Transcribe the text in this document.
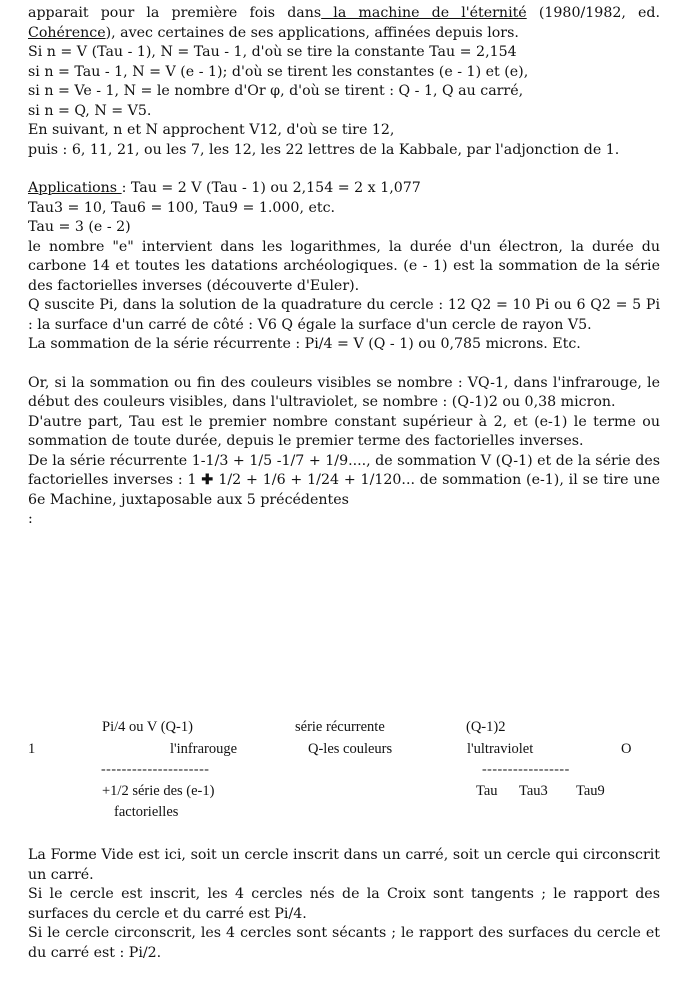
apparait pour la première fois dans la machine de l'éternité (1980/1982, ed. Cohérence), avec certaines de ses applications, affinées depuis lors.

Si n = V (Tau - 1), N = Tau - 1, d'où se tire la constante Tau = 2,154

si n = Tau - 1, N = V (e - 1); d'où se tirent les constantes (e - 1) et (e),

si n = Ve - 1, N = le nombre d'Or φ, d'où se tirent : Q - 1, Q au carré,

si n = Q, N = V5.

En suivant, n et N approchent V12, d'où se tire 12,

puis : 6, 11, 21, ou les 7, les 12, les 22 lettres de la Kabbale, par l'adjonction de 1.

Applications : Tau = 2 V (Tau - 1) ou 2,154 = 2 x 1,077

Tau3 = 10, Tau6 = 100, Tau9 = 1.000, etc.

Tau = 3 (e - 2)

le nombre "e" intervient dans les logarithmes, la durée d'un électron, la durée du carbone 14 et toutes les datations archéologiques. (e - 1) est la sommation de la série des factorielles inverses (découverte d'Euler).

Q suscite Pi, dans la solution de la quadrature du cercle : 12 Q2 = 10 Pi ou 6 Q2 = 5 Pi : la surface d'un carré de côté : V6 Q égale la surface d'un cercle de rayon V5.

La sommation de la série récurrente : Pi/4 = V (Q - 1) ou 0,785 microns. Etc.

Or, si la sommation ou fin des couleurs visibles se nombre : VQ-1, dans l'infrarouge, le début des couleurs visibles, dans l'ultraviolet, se nombre : (Q-1)2 ou 0,38 micron.

D'autre part, Tau est le premier nombre constant supérieur à 2, et (e-1) le terme ou sommation de toute durée, depuis le premier terme des factorielles inverses.

De la série récurrente 1-1/3 + 1/5 -1/7 + 1/9...., de sommation V (Q-1) et de la série des factorielles inverses : 1 ✚ 1/2 + 1/6 + 1/24 + 1/120... de sommation (e-1), il se tire une 6e Machine, juxtaposable aux 5 précédentes

:

Pi/4 ou V (Q-1)	série récurrente	(Q-1)2
1	l'infrarouge	Q-les couleurs	l'ultraviolet	O
---------------------	-----------------
+1/2 série des (e-1)	Tau Tau3 Tau9
factorielles

La Forme Vide est ici, soit un cercle inscrit dans un carré, soit un cercle qui circonscrit un carré.

Si le cercle est inscrit, les 4 cercles nés de la Croix sont tangents ; le rapport des surfaces du cercle et du carré est Pi/4.

Si le cercle circonscrit, les 4 cercles sont sécants ; le rapport des surfaces du cercle et du carré est : Pi/2.
